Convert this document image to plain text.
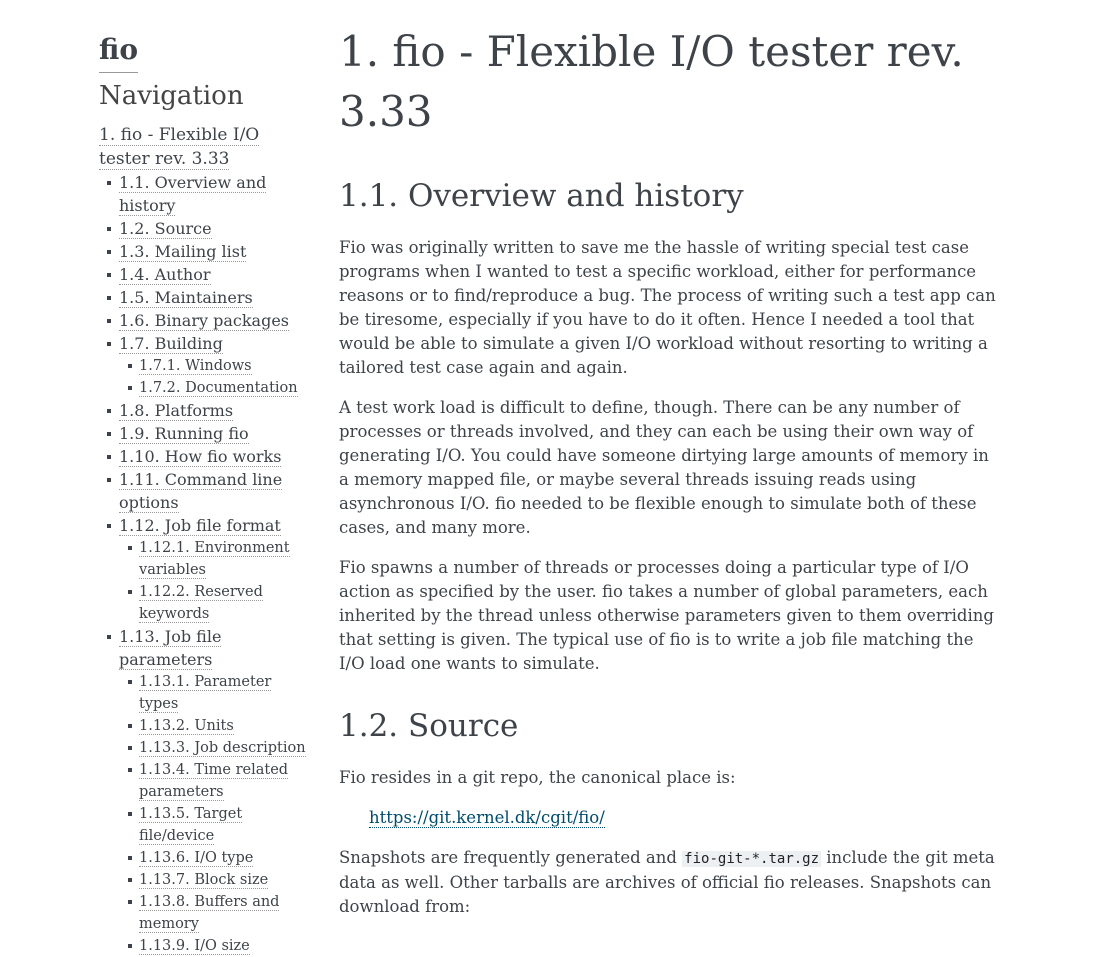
fio
Navigation
1. fio - Flexible I/O tester rev. 3.33
1.1. Overview and history
1.2. Source
1.3. Mailing list
1.4. Author
1.5. Maintainers
1.6. Binary packages
1.7. Building
1.7.1. Windows
1.7.2. Documentation
1.8. Platforms
1.9. Running fio
1.10. How fio works
1.11. Command line options
1.12. Job file format
1.12.1. Environment variables
1.12.2. Reserved keywords
1.13. Job file parameters
1.13.1. Parameter types
1.13.2. Units
1.13.3. Job description
1.13.4. Time related parameters
1.13.5. Target file/device
1.13.6. I/O type
1.13.7. Block size
1.13.8. Buffers and memory
1.13.9. I/O size
1. fio - Flexible I/O tester rev. 3.33
1.1. Overview and history

Fio was originally written to save me the hassle of writing special test case programs when I wanted to test a specific workload, either for performance reasons or to find/reproduce a bug. The process of writing such a test app can be tiresome, especially if you have to do it often. Hence I needed a tool that would be able to simulate a given I/O workload without resorting to writing a tailored test case again and again.

A test work load is difficult to define, though. There can be any number of processes or threads involved, and they can each be using their own way of generating I/O. You could have someone dirtying large amounts of memory in a memory mapped file, or maybe several threads issuing reads using asynchronous I/O. fio needed to be flexible enough to simulate both of these cases, and many more.

Fio spawns a number of threads or processes doing a particular type of I/O action as specified by the user. fio takes a number of global parameters, each inherited by the thread unless otherwise parameters given to them overriding that setting is given. The typical use of fio is to write a job file matching the I/O load one wants to simulate.

1.2. Source

Fio resides in a git repo, the canonical place is:

https://git.kernel.dk/cgit/fio/

Snapshots are frequently generated and fio-git-*.tar.gz include the git meta data as well. Other tarballs are archives of official fio releases. Snapshots can download from:
